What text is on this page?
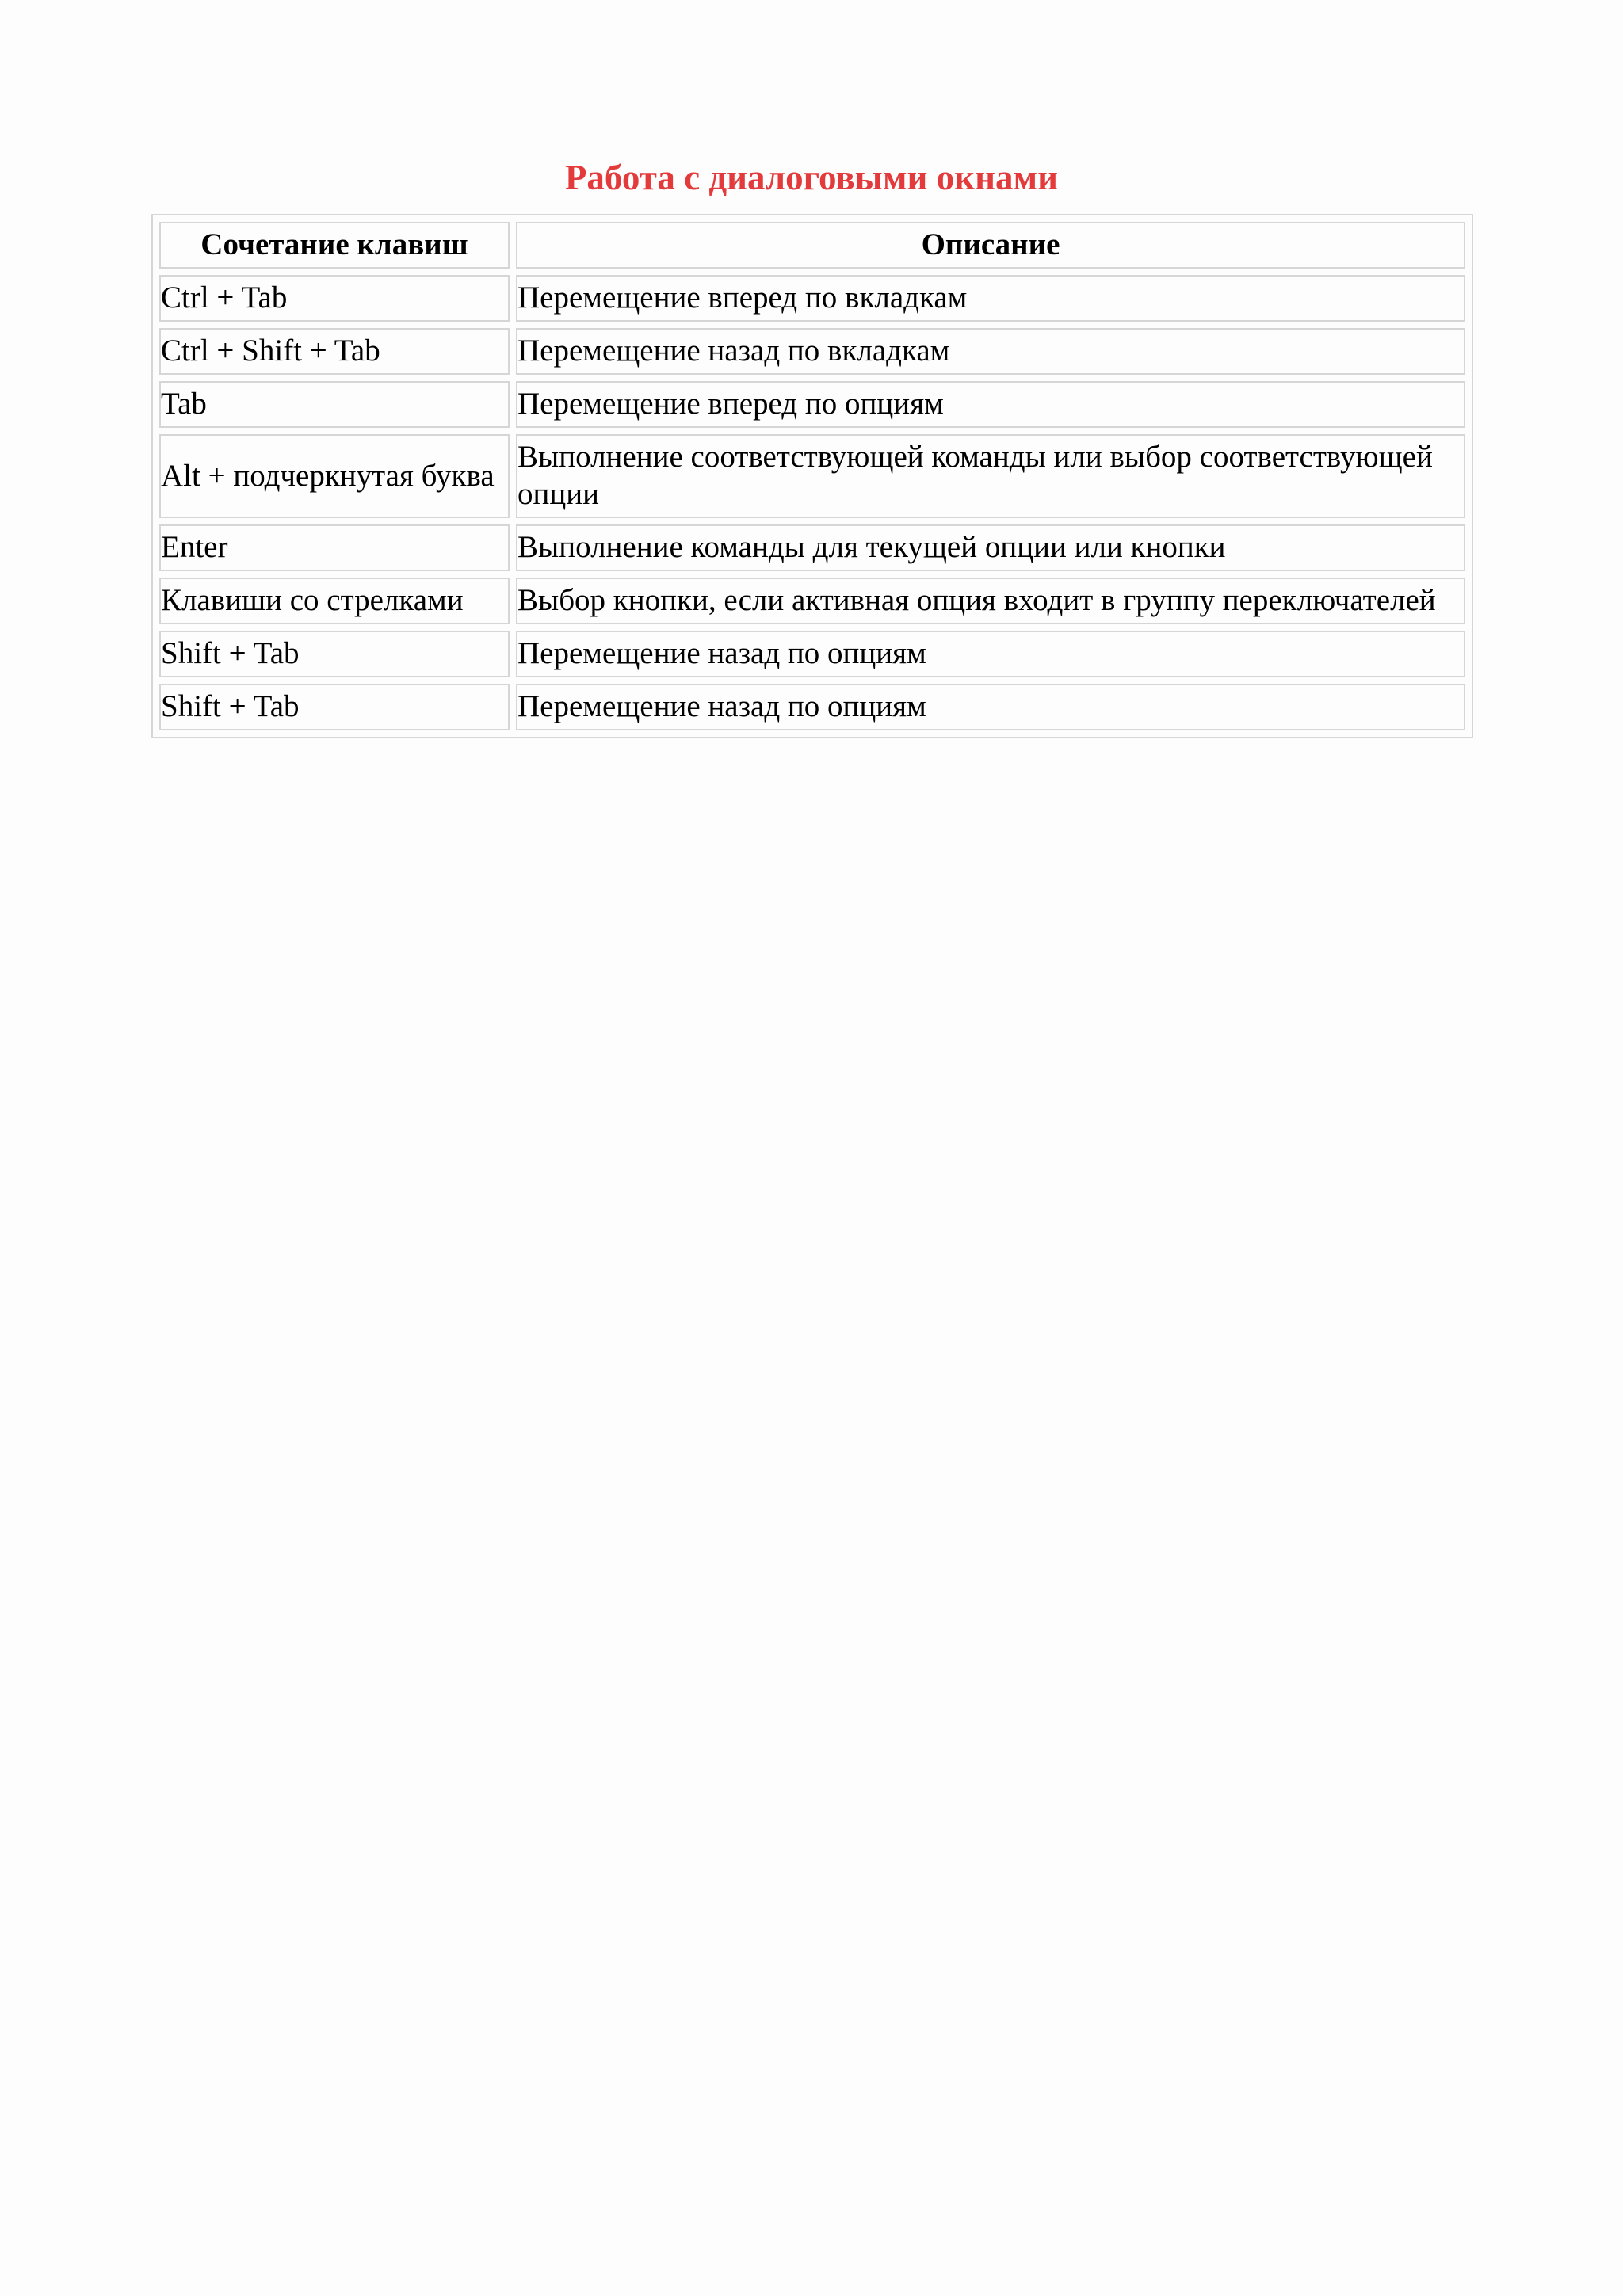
Работа с диалоговыми окнами
Сочетание клавиш	Описание
Ctrl + Tab	Перемещение вперед по вкладкам
Ctrl + Shift + Tab	Перемещение назад по вкладкам
Tab	Перемещение вперед по опциям
Alt + подчеркнутая буква	Выполнение соответствующей команды или выбор соответствующей опции
Enter	Выполнение команды для текущей опции или кнопки
Клавиши со стрелками	Выбор кнопки, если активная опция входит в группу переключателей
Shift + Tab	Перемещение назад по опциям
Shift + Tab	Перемещение назад по опциям
